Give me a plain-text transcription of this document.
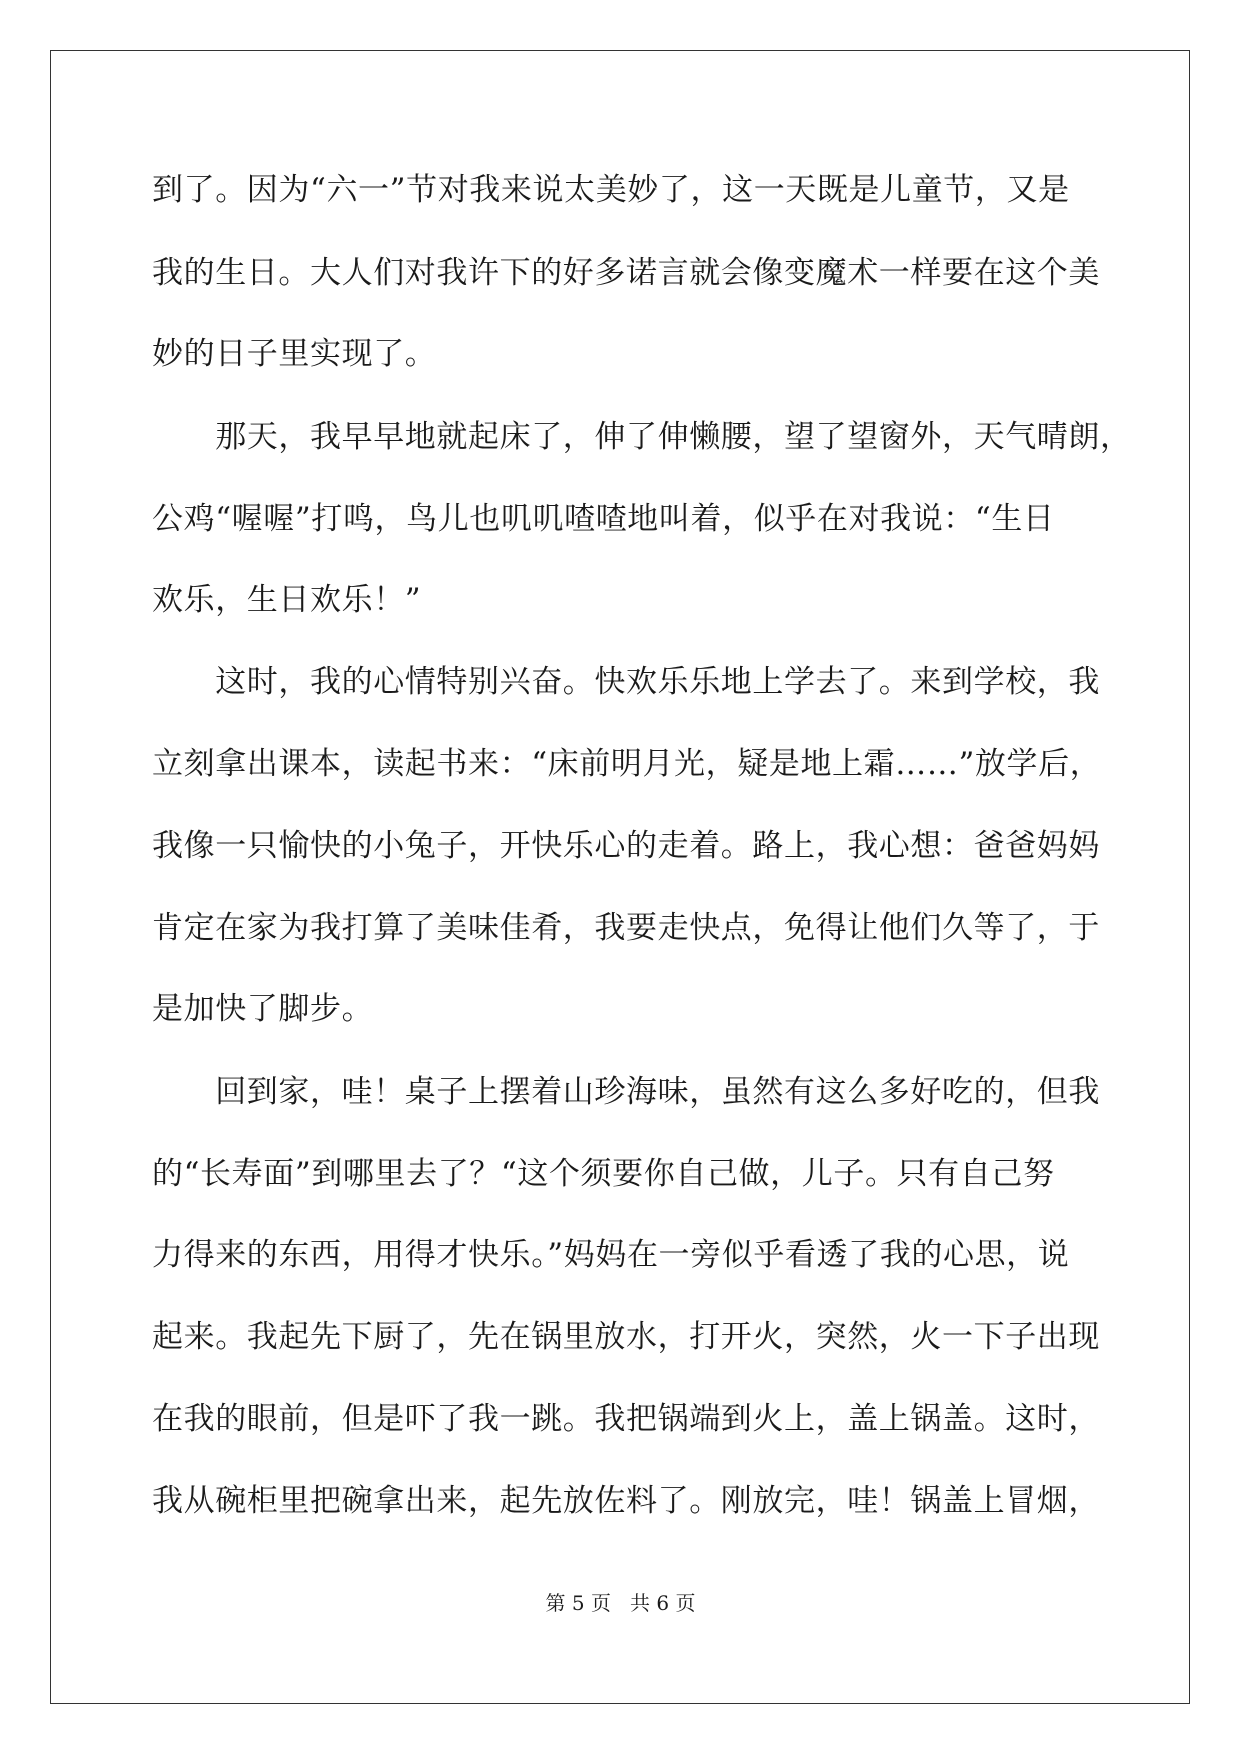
到了。因为“六一”节对我来说太美妙了，这一天既是儿童节，又是
我的生日。大人们对我许下的好多诺言就会像变魔术一样要在这个美
妙的日子里实现了。
　　那天，我早早地就起床了，伸了伸懒腰，望了望窗外，天气晴朗，
公鸡“喔喔”打鸣，鸟儿也叽叽喳喳地叫着，似乎在对我说：“生日
欢乐，生日欢乐！”
　　这时，我的心情特别兴奋。快欢乐乐地上学去了。来到学校，我
立刻拿出课本，读起书来：“床前明月光，疑是地上霜……”放学后，
我像一只愉快的小兔子，开快乐心的走着。路上，我心想：爸爸妈妈
肯定在家为我打算了美味佳肴，我要走快点，免得让他们久等了，于
是加快了脚步。
　　回到家，哇！桌子上摆着山珍海味，虽然有这么多好吃的，但我
的“长寿面”到哪里去了？“这个须要你自己做，儿子。只有自己努
力得来的东西，用得才快乐。”妈妈在一旁似乎看透了我的心思，说
起来。我起先下厨了，先在锅里放水，打开火，突然，火一下子出现
在我的眼前，但是吓了我一跳。我把锅端到火上，盖上锅盖。这时，
我从碗柜里把碗拿出来，起先放佐料了。刚放完，哇！锅盖上冒烟，
第 5 页   共 6 页
